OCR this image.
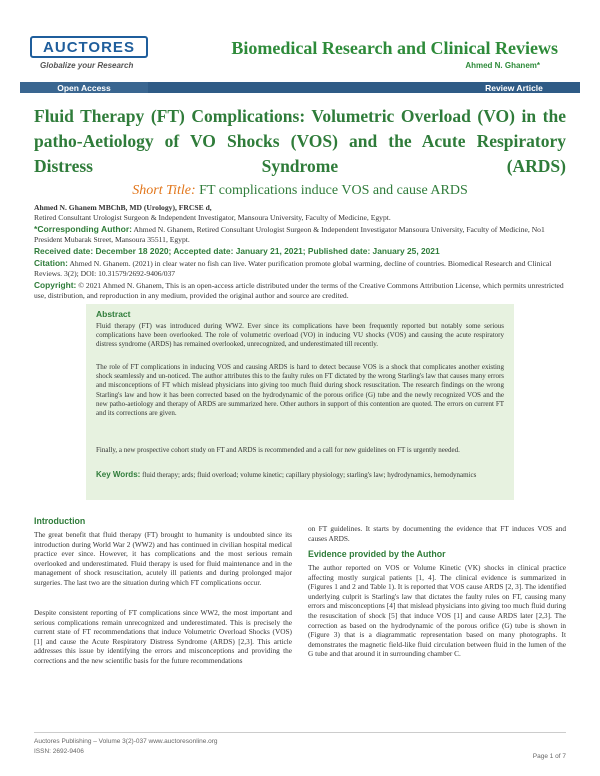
AUCTORES
Globalize your Research
Biomedical Research and Clinical Reviews
Ahmed N. Ghanem*
Open Access	Review Article
Fluid Therapy (FT) Complications: Volumetric Overload (VO) in the patho-Aetiology of VO Shocks (VOS) and the Acute Respiratory Distress Syndrome (ARDS)
Short Title: FT complications induce VOS and cause ARDS
Ahmed N. Ghanem MBChB, MD (Urology), FRCSE d,
Retired Consultant Urologist Surgeon & Independent Investigator, Mansoura University, Faculty of Medicine, Egypt.
*Corresponding Author: Ahmed N. Ghanem, Retired Consultant Urologist Surgeon & Independent Investigator Mansoura University, Faculty of Medicine, No1 President Mubarak Street, Mansoura 35511, Egypt.
Received date: December 18 2020; Accepted date: January 21, 2021; Published date: January 25, 2021
Citation: Ahmed N. Ghanem. (2021) in clear water no fish can live. Water purification promote global warming, decline of countries. Biomedical Research and Clinical Reviews. 3(2); DOI: 10.31579/2692-9406/037
Copyright: © 2021 Ahmed N. Ghanem, This is an open-access article distributed under the terms of the Creative Commons Attribution License, which permits unrestricted use, distribution, and reproduction in any medium, provided the original author and source are credited.
Abstract
Fluid therapy (FT) was introduced during WW2. Ever since its complications have been frequently reported but notably some serious complications have been overlooked. The role of volumetric overload (VO) in inducing VU shocks (VOS) and causing the acute respiratory distress syndrome (ARDS) has remained overlooked, unrecognized, and underestimated till recently.
The role of FT complications in inducing VOS and causing ARDS is hard to detect because VOS is a shock that complicates another existing shock seamlessly and un-noticed. The author attributes this to the faulty rules on FT dictated by the wrong Starling's law that causes many errors and misconceptions of FT which mislead physicians into giving too much fluid during shock resuscitation. The research findings on the wrong Starling's law and how it has been corrected based on the hydrodynamic of the porous orifice (G) tube and the newly recognized VOS and the new patho-aetiology and therapy of ARDS are summarized here. Other authors in support of this contention are quoted. The errors on current FT and its corrections are given.
Finally, a new prospective cohort study on FT and ARDS is recommended and a call for new guidelines on FT is urgently needed.
Key Words: fluid therapy; ards; fluid overload; volume kinetic; capillary physiology; starling's law; hydrodynamics, hemodynamics
Introduction
The great benefit that fluid therapy (FT) brought to humanity is undoubted since its introduction during World War 2 (WW2) and has continued in civilian hospital medical practice ever since. However, it has complications and the most serious remain overlooked and underestimated. Fluid therapy is used for fluid maintenance and in the management of shock resuscitation, acutely ill patients and during prolonged major surgeries. The last two are the situation during which FT complications occur.
Despite consistent reporting of FT complications since WW2, the most important and serious complications remain unrecognized and underestimated. This is precisely the current state of FT recommendations that induce Volumetric Overload Shocks (VOS) [1] and cause the Acute Respiratory Distress Syndrome (ARDS) [2,3]. This article addresses this issue by identifying the errors and misconceptions and providing the corrections and the new scientific basis for the future recommendations
on FT guidelines. It starts by documenting the evidence that FT induces VOS and causes ARDS.
Evidence provided by the Author
The author reported on VOS or Volume Kinetic (VK) shocks in clinical practice affecting mostly surgical patients [1, 4]. The clinical evidence is summarized in (Figures 1 and 2 and Table 1). It is reported that VOS cause ARDS [2, 3]. The identified underlying culprit is Starling's law that dictates the faulty rules on FT, causing many errors and misconceptions [4] that mislead physicians into giving too much fluid during the resuscitation of shock [5] that induce VOS [1] and cause ARDS later [2,3]. The correction as based on the hydrodynamic of the porous orifice (G) tube is shown in (Figure 3) that is a diagrammatic representation based on many photographs. It demonstrates the magnetic field-like fluid circulation between fluid in the lumen of the G tube and that around it in surrounding chamber C.
Auctores Publishing – Volume 3(2)-037 www.auctoresonline.org
ISSN: 2692-9406
Page 1 of 7
